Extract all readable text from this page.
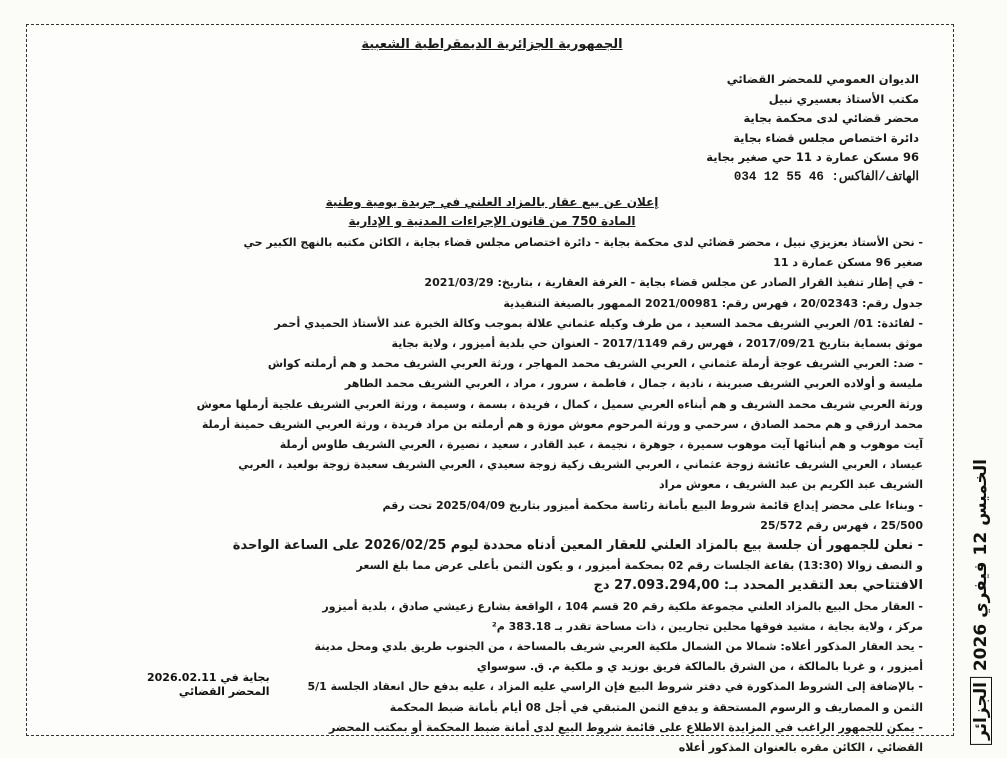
الجمهورية الجزائرية الديمقراطية الشعبية
الديوان العمومي للمحضر القضائي
مكتب الأستاذ بعسيري نبيل
محضر قضائي لدى محكمة بجاية
دائرة اختصاص مجلس قضاء بجاية
96 مسكن عمارة د 11 حي صغير بجاية
الهاتف/الفاكس: 46 55 12 034
إعلان عن بيع عقار بالمزاد العلني في جريدة يومية وطنية
المادة 750 من قانون الإجراءات المدنية و الإدارية

- نحن الأستاذ بعزيزي نبيل ، محضر قضائي لدى محكمة بجاية - دائرة اختصاص مجلس قضاء بجاية ، الكائن مكتبه بالنهج الكبير حي

صغير 96 مسكن عمارة د 11

- في إطار تنفيذ القرار الصادر عن مجلس قضاء بجاية - الغرفة العقارية ، بتاريخ: 2021/03/29

جدول رقم: 20/02343 ، فهرس رقم: 2021/00981 الممهور بالصيغة التنفيذية

- لفائدة: 01/ العربي الشريف محمد السعيد ، من طرف وكيله عثماني علالة بموجب وكالة الخبرة عند الأستاذ الحميدي أحمر

موثق بسماية بتاريخ 2017/09/21 ، فهرس رقم 2017/1149 - العنوان حي بلدية أميزور ، ولاية بجاية

- ضد: العربي الشريف عوجة أرملة عثماني ، العربي الشريف محمد المهاجر ، ورثة العربي الشريف محمد و هم أرملته كواش

مليسة و أولاده العربي الشريف صبرينة ، نادية ، جمال ، فاطمة ، سرور ، مراد ، العربي الشريف محمد الطاهر

ورثة العربي شريف محمد الشريف و هم أبناءه العربي سميل ، كمال ، فريدة ، بسمة ، وسيمة ، ورثة العربي الشريف علجية أرملها معوش

محمد ارزقي و هم محمد الصادق ، سرحمي و ورثة المرحوم معوش موزة و هم أرملته بن مراد فريدة ، ورثة العربي الشريف حمينة أرملة

آيت موهوب و هم أبنائها آيت موهوب سميرة ، جوهرة ، نجيمة ، عبد القادر ، سعيد ، نصيرة ، العربي الشريف طاوس أرملة

عيساد ، العربي الشريف عائشة زوجة عثماني ، العربي الشريف زكية زوجة سعيدي ، العربي الشريف سعيدة زوجة بولعيد ، العربي

الشريف عبد الكريم بن عبد الشريف ، معوش مراد

- وبناءا على محضر إيداع قائمة شروط البيع بأمانة رئاسة محكمة أميزور بتاريخ 2025/04/09 تحت رقم

25/500 ، فهرس رقم 25/572

- نعلن للجمهور أن جلسة بيع بالمزاد العلني للعقار المعين أدناه محددة ليوم 2026/02/25 على الساعة الواحدة

و النصف زوالا (13:30) بقاعة الجلسات رقم 02 بمحكمة أميزور ، و يكون الثمن بأعلى عرض مما بلغ السعر

الافتتاحي بعد التقدير المحدد بـ: 27.093.294,00 دج

- العقار محل البيع بالمزاد العلني مجموعة ملكية رقم 20 قسم 104 ، الواقعة بشارع زعيشي صادق ، بلدية أميزور

مركز ، ولاية بجاية ، مشيد فوقها محلين تجاريين ، ذات مساحة تقدر بـ 383.18 م²

- يحد العقار المذكور أعلاه: شمالا من الشمال ملكية العربي شريف بالمساحة ، من الجنوب طريق بلدي ومحل مدينة

أميزور ، و غربا بالمالكة ، من الشرق بالمالكة فريق بوزيد ي و ملكية م. ق. سوسواي

- بالإضافة إلى الشروط المذكورة في دفتر شروط البيع فإن الراسي عليه المزاد ، عليه بدفع حال انعقاد الجلسة 5/1

الثمن و المصاريف و الرسوم المستحقة و يدفع الثمن المتبقي في أجل 08 أيام بأمانة ضبط المحكمة

- يمكن للجمهور الراغب في المزايدة الاطلاع على قائمة شروط البيع لدى أمانة ضبط المحكمة أو بمكتب المحضر

القضائي ، الكائن مقره بالعنوان المذكور أعلاه

بجاية في 2026.02.11
المحضر القضائي
الخميس 12 فيفري 2026 الجزائر
